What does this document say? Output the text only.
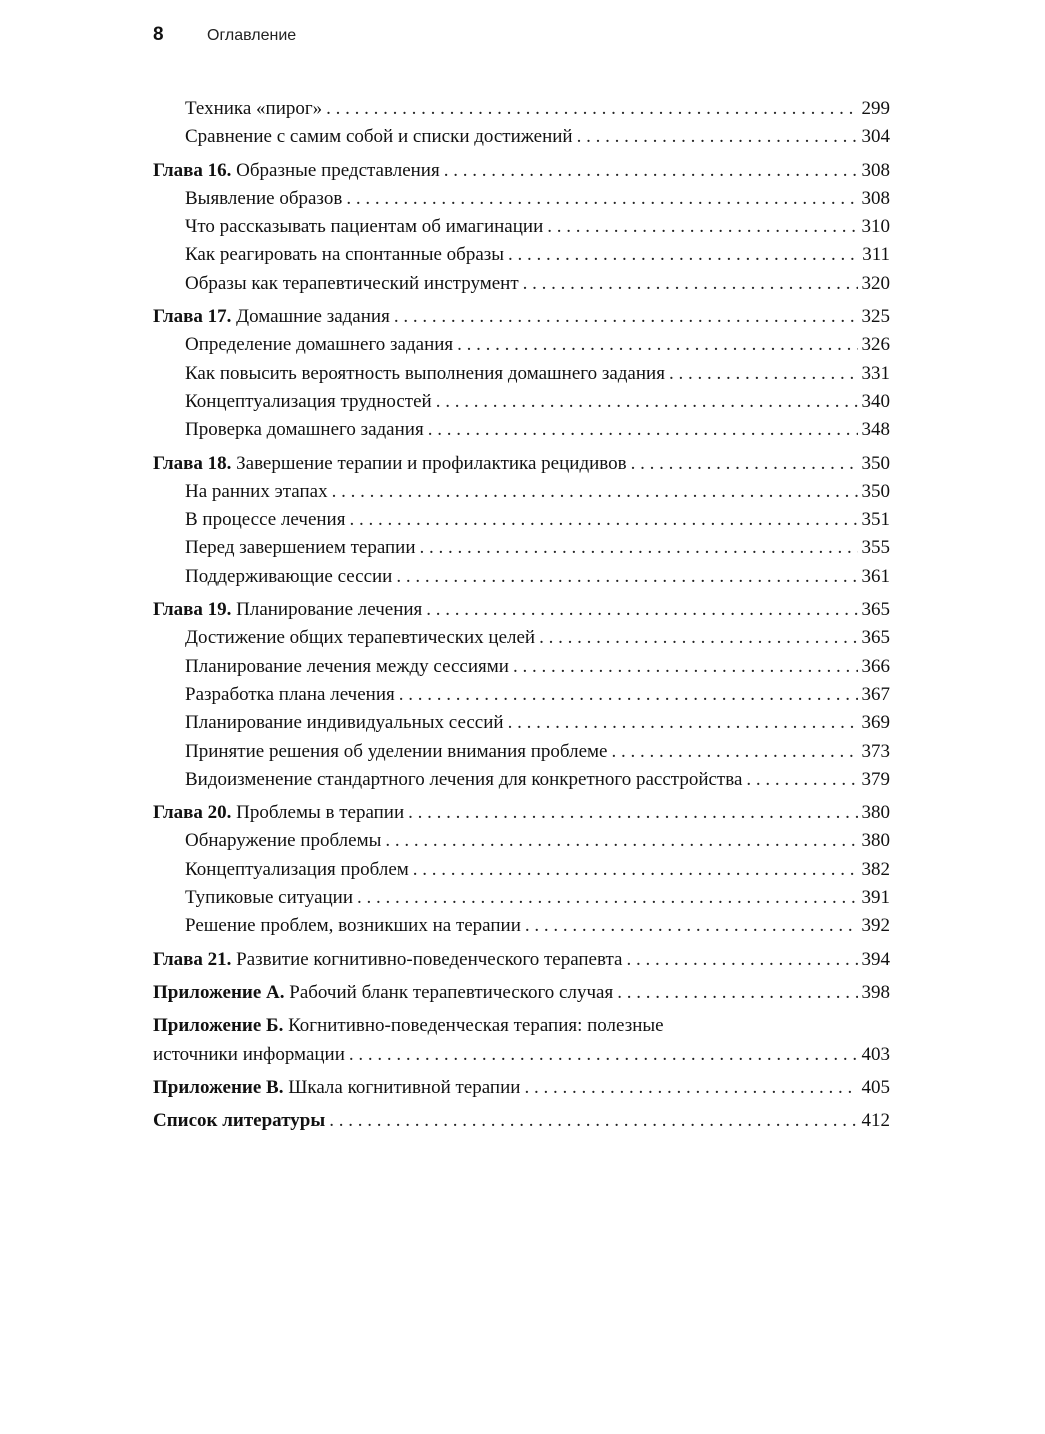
8	Оглавление
Техника «пирог» . . .	299
Сравнение с самим собой и списки достижений . . .	304
Глава 16. Образные представления . . .	308
Выявление образов . . .	308
Что рассказывать пациентам об имагинации . . .	310
Как реагировать на спонтанные образы . . .	311
Образы как терапевтический инструмент . . .	320
Глава 17. Домашние задания . . .	325
Определение домашнего задания . . .	326
Как повысить вероятность выполнения домашнего задания . . .	331
Концептуализация трудностей . . .	340
Проверка домашнего задания . . .	348
Глава 18. Завершение терапии и профилактика рецидивов . . .	350
На ранних этапах . . .	350
В процессе лечения . . .	351
Перед завершением терапии . . .	355
Поддерживающие сессии . . .	361
Глава 19. Планирование лечения . . .	365
Достижение общих терапевтических целей . . .	365
Планирование лечения между сессиями . . .	366
Разработка плана лечения . . .	367
Планирование индивидуальных сессий . . .	369
Принятие решения об уделении внимания проблеме . . .	373
Видоизменение стандартного лечения для конкретного расстройства . . .	379
Глава 20. Проблемы в терапии . . .	380
Обнаружение проблемы . . .	380
Концептуализация проблем . . .	382
Тупиковые ситуации . . .	391
Решение проблем, возникших на терапии . . .	392
Глава 21. Развитие когнитивно-поведенческого терапевта . . .	394
Приложение А. Рабочий бланк терапевтического случая . . .	398
Приложение Б.
Когнитивно-поведенческая терапия: полезные
источники информации . . .	403
Приложение В. Шкала когнитивной терапии . . .	405
Список литературы . . .	412
